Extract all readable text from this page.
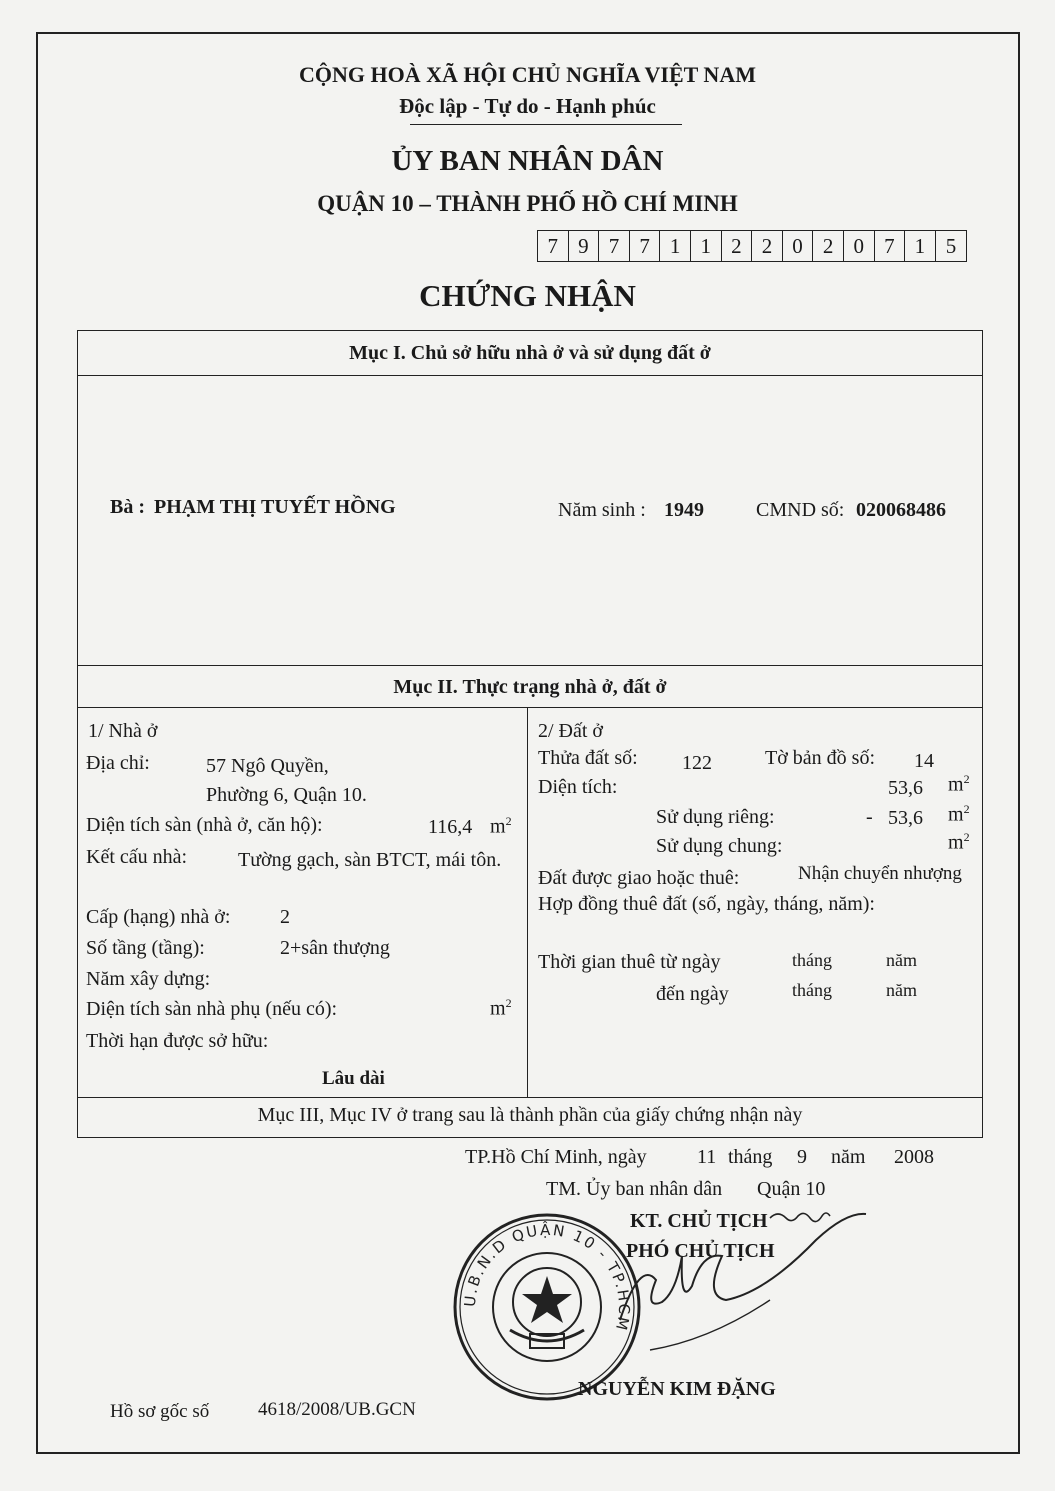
CỘNG HOÀ XÃ HỘI CHỦ NGHĨA VIỆT NAM
Độc lập - Tự do - Hạnh phúc
ỦY BAN NHÂN DÂN
QUẬN 10 – THÀNH PHỐ HỒ CHÍ MINH
7 9 7 7 1 1 2 2 0 2 0 7 1 5
CHỨNG NHẬN
Mục I. Chủ sở hữu nhà ở và sử dụng đất ở
Bà : PHẠM THỊ TUYẾT HỒNG	Năm sinh : 1949	CMND số: 020068486
Mục II. Thực trạng nhà ở, đất ở
1/ Nhà ở
Địa chỉ:	57 Ngô Quyền,
Phường 6, Quận 10.
Diện tích sàn (nhà ở, căn hộ):	116,4 $m^2$
Kết cấu nhà:	Tường gạch, sàn BTCT, mái tôn.
Cấp (hạng) nhà ở: 2
Số tầng (tầng):	2+sân thượng
Năm xây dựng:
Diện tích sàn nhà phụ (nếu có):	$m^2$
Thời hạn được sở hữu:
Lâu dài
2/ Đất ở
Thửa đất số: 122	Tờ bản đồ số: 14
Diện tích:	53,6 $m^2$
Sử dụng riêng:	- 53,6 $m^2$
Sử dụng chung:	$m^2$
Đất được giao hoặc thuê:	Nhận chuyển nhượng
Hợp đồng thuê đất (số, ngày, tháng, năm):
Thời gian thuê từ ngày	tháng	năm
đến ngày	tháng	năm
Mục III, Mục IV ở trang sau là thành phần của giấy chứng nhận này
TP.Hồ Chí Minh, ngày	11 tháng 9 năm 2008
TM. Ủy ban nhân dân Quận 10
KT. CHỦ TỊCH
PHÓ CHỦ TỊCH
U.B.N.D QUẬN 10 - TP.HCM
NGUYỄN KIM ĐẶNG
Hồ sơ gốc số	4618/2008/UB.GCN
